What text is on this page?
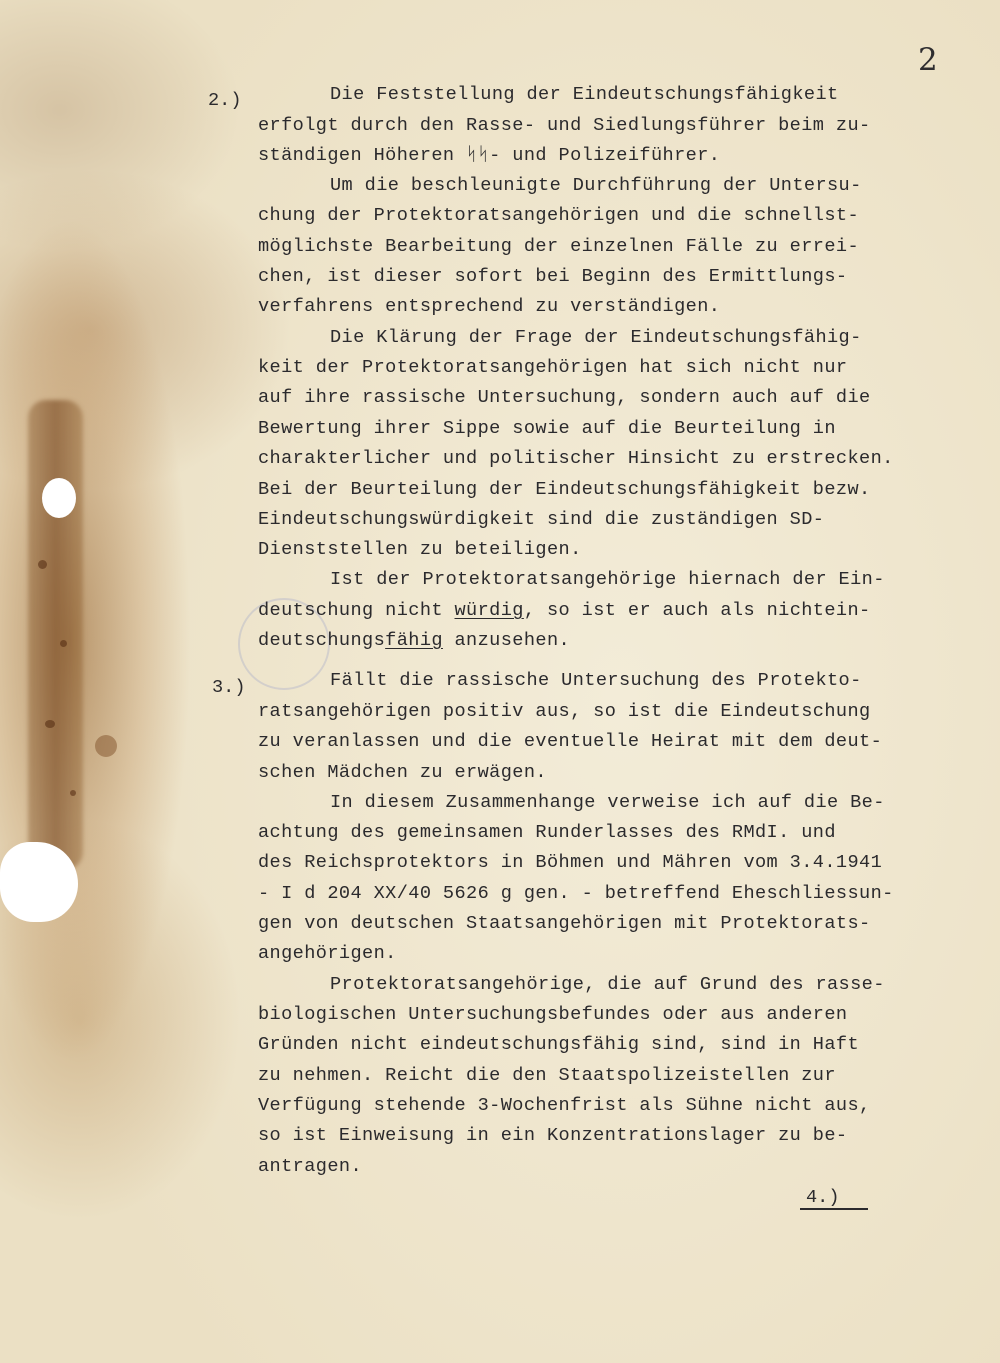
2

2.)	Die Feststellung der Eindeutschungsfähigkeit

erfolgt durch den Rasse- und Siedlungsführer beim zu-

ständigen Höheren ᛋᛋ- und Polizeiführer.

Um die beschleunigte Durchführung der Untersu-

chung der Protektoratsangehörigen und die schnellst-

möglichste Bearbeitung der einzelnen Fälle zu errei-

chen, ist dieser sofort bei Beginn des Ermittlungs-

verfahrens entsprechend zu verständigen.

Die Klärung der Frage der Eindeutschungsfähig-

keit der Protektoratsangehörigen hat sich nicht nur

auf ihre rassische Untersuchung, sondern auch auf die

Bewertung ihrer Sippe sowie auf die Beurteilung in

charakterlicher und politischer Hinsicht zu erstrecken.

Bei der Beurteilung der Eindeutschungsfähigkeit bezw.

Eindeutschungswürdigkeit sind die zuständigen SD-

Dienststellen zu beteiligen.

Ist der Protektoratsangehörige hiernach der Ein-

deutschung nicht würdig, so ist er auch als nichtein-

deutschungsfähig anzusehen.

3.)	Fällt die rassische Untersuchung des Protekto-

ratsangehörigen positiv aus, so ist die Eindeutschung

zu veranlassen und die eventuelle Heirat mit dem deut-

schen Mädchen zu erwägen.

In diesem Zusammenhange verweise ich auf die Be-

achtung des gemeinsamen Runderlasses des RMdI. und

des Reichsprotektors in Böhmen und Mähren vom 3.4.1941

- I d 204 XX/40 5626 g gen. - betreffend Eheschliessun-

gen von deutschen Staatsangehörigen mit Protektorats-

angehörigen.

Protektoratsangehörige, die auf Grund des rasse-

biologischen Untersuchungsbefundes oder aus anderen

Gründen nicht eindeutschungsfähig sind, sind in Haft

zu nehmen. Reicht die den Staatspolizeistellen zur

Verfügung stehende 3-Wochenfrist als Sühne nicht aus,

so ist Einweisung in ein Konzentrationslager zu be-

antragen.

4.)
